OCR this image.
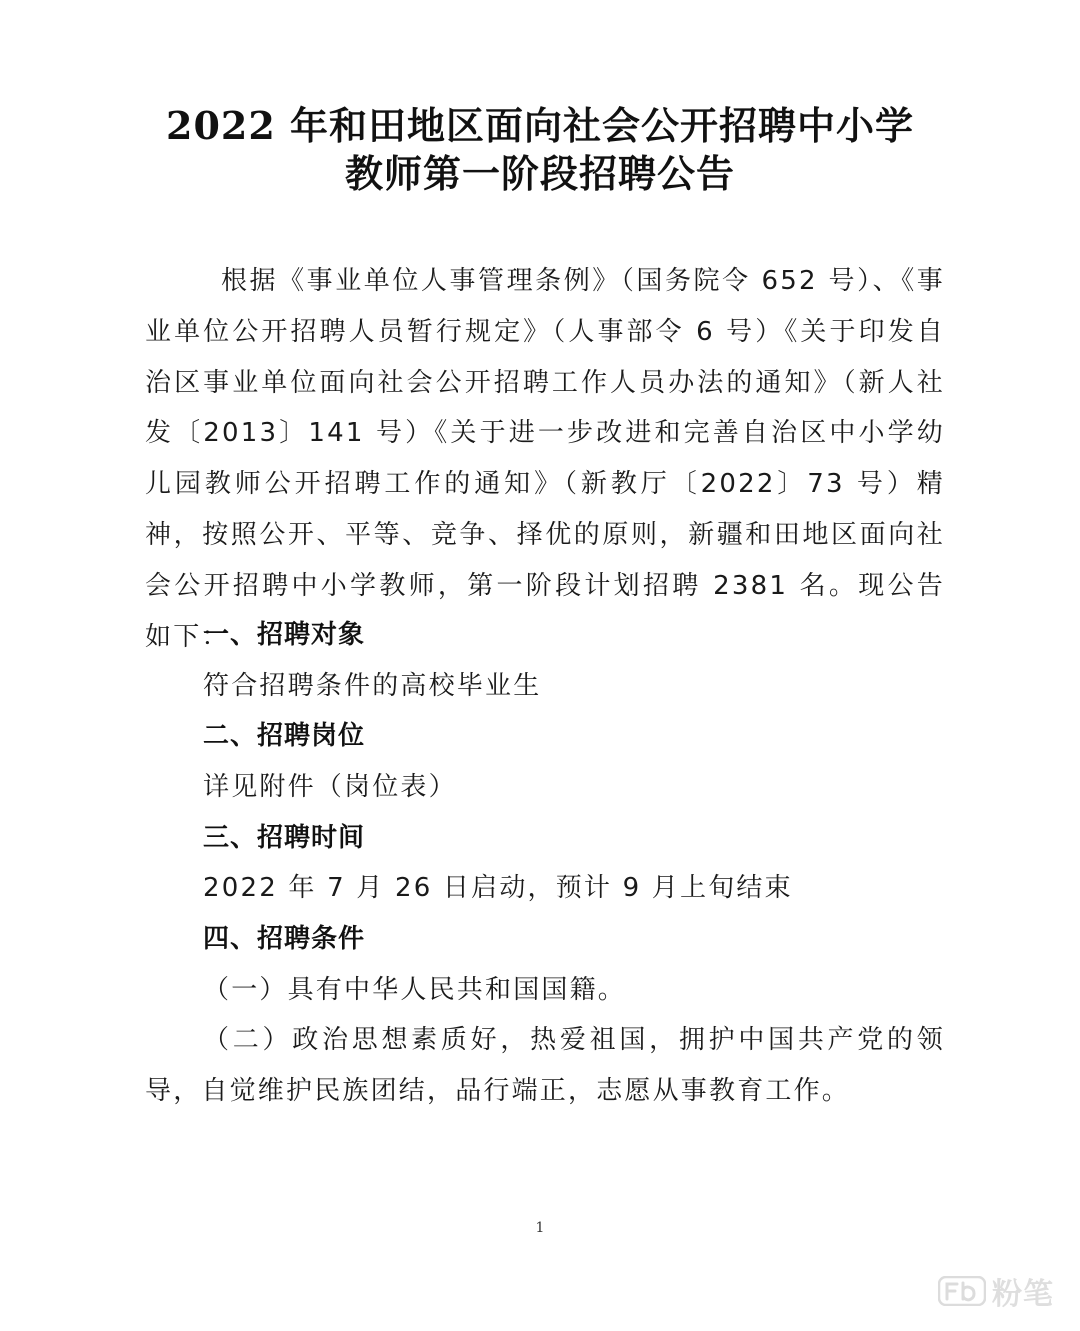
2022 年和田地区面向社会公开招聘中小学
教师第一阶段招聘公告
根据《事业单位人事管理条例》（国务院令 652 号）、《事业单位公开招聘人员暂行规定》（人事部令 6 号）《关于印发自治区事业单位面向社会公开招聘工作人员办法的通知》（新人社发〔2013〕141 号）《关于进一步改进和完善自治区中小学幼儿园教师公开招聘工作的通知》（新教厅〔2022〕73 号）精神，按照公开、平等、竞争、择优的原则，新疆和田地区面向社会公开招聘中小学教师，第一阶段计划招聘 2381 名。现公告如下：
一、招聘对象
符合招聘条件的高校毕业生
二、招聘岗位
详见附件（岗位表）
三、招聘时间
2022 年 7 月 26 日启动，预计 9 月上旬结束
四、招聘条件
（一）具有中华人民共和国国籍。
（二）政治思想素质好，热爱祖国，拥护中国共产党的领导，自觉维护民族团结，品行端正，志愿从事教育工作。
1
粉笔
